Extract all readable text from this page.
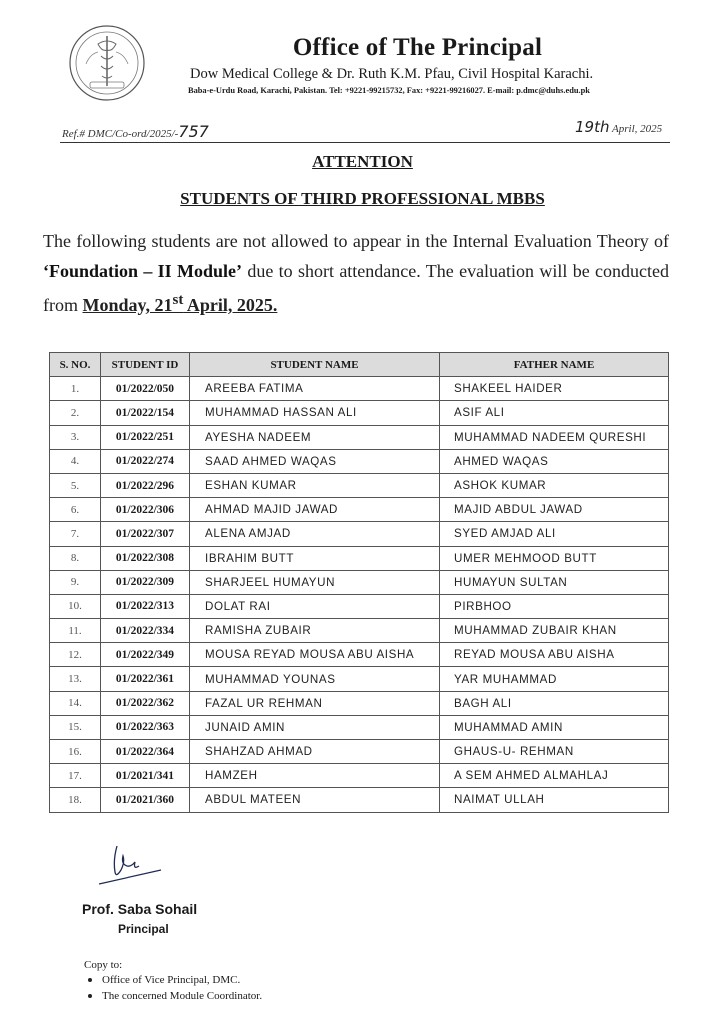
Office of The Principal
Dow Medical College & Dr. Ruth K.M. Pfau, Civil Hospital Karachi.
Baba-e-Urdu Road, Karachi, Pakistan. Tel: +9221-99215732, Fax: +9221-99216027. E-mail: p.dmc@duhs.edu.pk
Ref.# DMC/Co-ord/2025/-757	19th April, 2025
ATTENTION
STUDENTS OF THIRD PROFESSIONAL MBBS
The following students are not allowed to appear in the Internal Evaluation Theory of ‘Foundation – II Module’ due to short attendance. The evaluation will be conducted from Monday, 21st April, 2025.
S. NO.	STUDENT ID	STUDENT NAME	FATHER NAME
1.	01/2022/050	AREEBA FATIMA	SHAKEEL HAIDER
2.	01/2022/154	MUHAMMAD HASSAN ALI	ASIF ALI
3.	01/2022/251	AYESHA NADEEM	MUHAMMAD NADEEM QURESHI
4.	01/2022/274	SAAD AHMED WAQAS	AHMED WAQAS
5.	01/2022/296	ESHAN KUMAR	ASHOK KUMAR
6.	01/2022/306	AHMAD MAJID JAWAD	MAJID ABDUL JAWAD
7.	01/2022/307	ALENA AMJAD	SYED AMJAD ALI
8.	01/2022/308	IBRAHIM BUTT	UMER MEHMOOD BUTT
9.	01/2022/309	SHARJEEL HUMAYUN	HUMAYUN SULTAN
10.	01/2022/313	DOLAT RAI	PIRBHOO
11.	01/2022/334	RAMISHA ZUBAIR	MUHAMMAD ZUBAIR KHAN
12.	01/2022/349	MOUSA REYAD MOUSA ABU AISHA	REYAD MOUSA ABU AISHA
13.	01/2022/361	MUHAMMAD YOUNAS	YAR MUHAMMAD
14.	01/2022/362	FAZAL UR REHMAN	BAGH ALI
15.	01/2022/363	JUNAID AMIN	MUHAMMAD AMIN
16.	01/2022/364	SHAHZAD AHMAD	GHAUS-U- REHMAN
17.	01/2021/341	HAMZEH	A SEM AHMED ALMAHLAJ
18.	01/2021/360	ABDUL MATEEN	NAIMAT ULLAH
Prof. Saba Sohail
Principal
Copy to:
Office of Vice Principal, DMC.
The concerned Module Coordinator.
